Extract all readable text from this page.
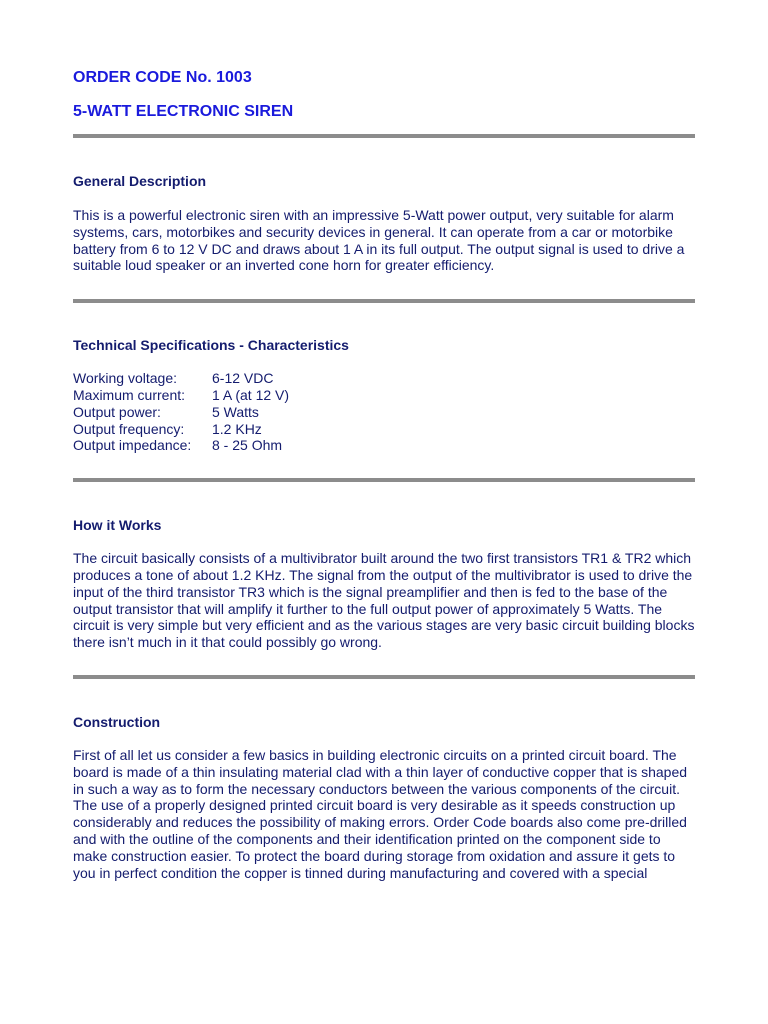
ORDER CODE No. 1003
5-WATT ELECTRONIC SIREN
General Description

This is a powerful electronic siren with an impressive 5-Watt power output, very suitable for alarm systems, cars, motorbikes and security devices in general. It can operate from a car or motorbike battery from 6 to 12 V DC and draws about 1 A in its full output. The output signal is used to drive a suitable loud speaker or an inverted cone horn for greater efficiency.

Technical Specifications - Characteristics
Working voltage:	6-12 VDC
Maximum current:	1 A (at 12 V)
Output power:	5 Watts
Output frequency:	1.2 KHz
Output impedance:	8 - 25 Ohm
How it Works

The circuit basically consists of a multivibrator built around the two first transistors TR1 & TR2 which produces a tone of about 1.2 KHz. The signal from the output of the multivibrator is used to drive the input of the third transistor TR3 which is the signal preamplifier and then is fed to the base of the output transistor that will amplify it further to the full output power of approximately 5 Watts. The circuit is very simple but very efficient and as the various stages are very basic circuit building blocks there isn’t much in it that could possibly go wrong.

Construction

First of all let us consider a few basics in building electronic circuits on a printed circuit board. The board is made of a thin insulating material clad with a thin layer of conductive copper that is shaped in such a way as to form the necessary conductors between the various components of the circuit. The use of a properly designed printed circuit board is very desirable as it speeds construction up considerably and reduces the possibility of making errors. Order Code boards also come pre-drilled and with the outline of the components and their identification printed on the component side to make construction easier. To protect the board during storage from oxidation and assure it gets to you in perfect condition the copper is tinned during manufacturing and covered with a special
